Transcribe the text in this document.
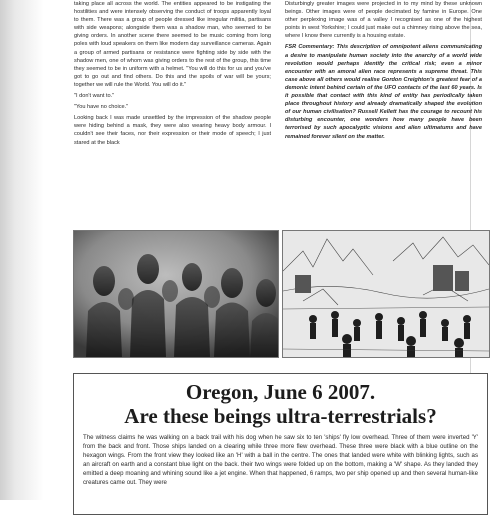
taking place all across the world. The entities appeared to be instigating the hostilities and were intensely observing the conduct of troops apparently loyal to them. There was a group of people dressed like irregular militia, partisans with side weapons; alongside them was a shadow man, who seemed to be giving orders. In another scene there seemed to be music coming from long poles with loud speakers on them like modern day surveillance cameras. Again a group of armed partisans or resistance were fighting side by side with the shadow men, one of whom was giving orders to the rest of the group, this time they seemed to be in uniform with a helmet. "You will do this for us and you've got to go out and find others. Do this and the spoils of war will be yours; together we will rule the World. You will do it."

"I don't want to."

"You have no choice."

Looking back I was made unsettled by the impression of the shadow people were hiding behind a mask, they were also wearing heavy body armour. I couldn't see their faces, nor their expression or their mode of speech; I just stared at the black

Disturbingly greater images were projected in to my mind by these unknown beings. Other images were of people decimated by famine in Europe. One other perplexing image was of a valley I recognised as one of the highest points in west Yorkshire; I could just make out a chimney rising above the sea, where I know there currently is a housing estate.

FSR Commentary: This description of omnipotent aliens communicating a desire to manipulate human society into the anarchy of a world wide revolution would perhaps identify the critical risk; even a minor encounter with an amoral alien race represents a supreme threat. This case above all others would realise Gordon Creighton's greatest fear of a demonic intent behind certain of the UFO contacts of the last 60 years. Is it possible that contact with this kind of entity has periodically taken place throughout history and already dramatically shaped the evolution of our human civilisation? Russell Kellett has the courage to recount his disturbing encounter, one wonders how many people have been terrorised by such apocalyptic visions and alien ultimatums and have remained forever silent on the matter.

Oregon, June 6 2007.
Are these beings ultra-terrestrials?
The witness claims he was walking on a back trail with his dog when he saw six to ten 'ships' fly low overhead. Three of them were inverted 'Y' from the back and front. Those ships landed on a clearing while three more flew overhead. These three were black with a blue outline on the hexagon wings. From the front view they looked like an 'H' with a ball in the centre. The ones that landed were white with blinking lights, such as an aircraft on earth and a constant blue light on the back. their two wings were folded up on the bottom, making a 'W' shape. As they landed they emitted a deep moaning and whining sound like a jet engine. When that happened, 6 ramps, two per ship opened up and then several human-like creatures came out. They were
